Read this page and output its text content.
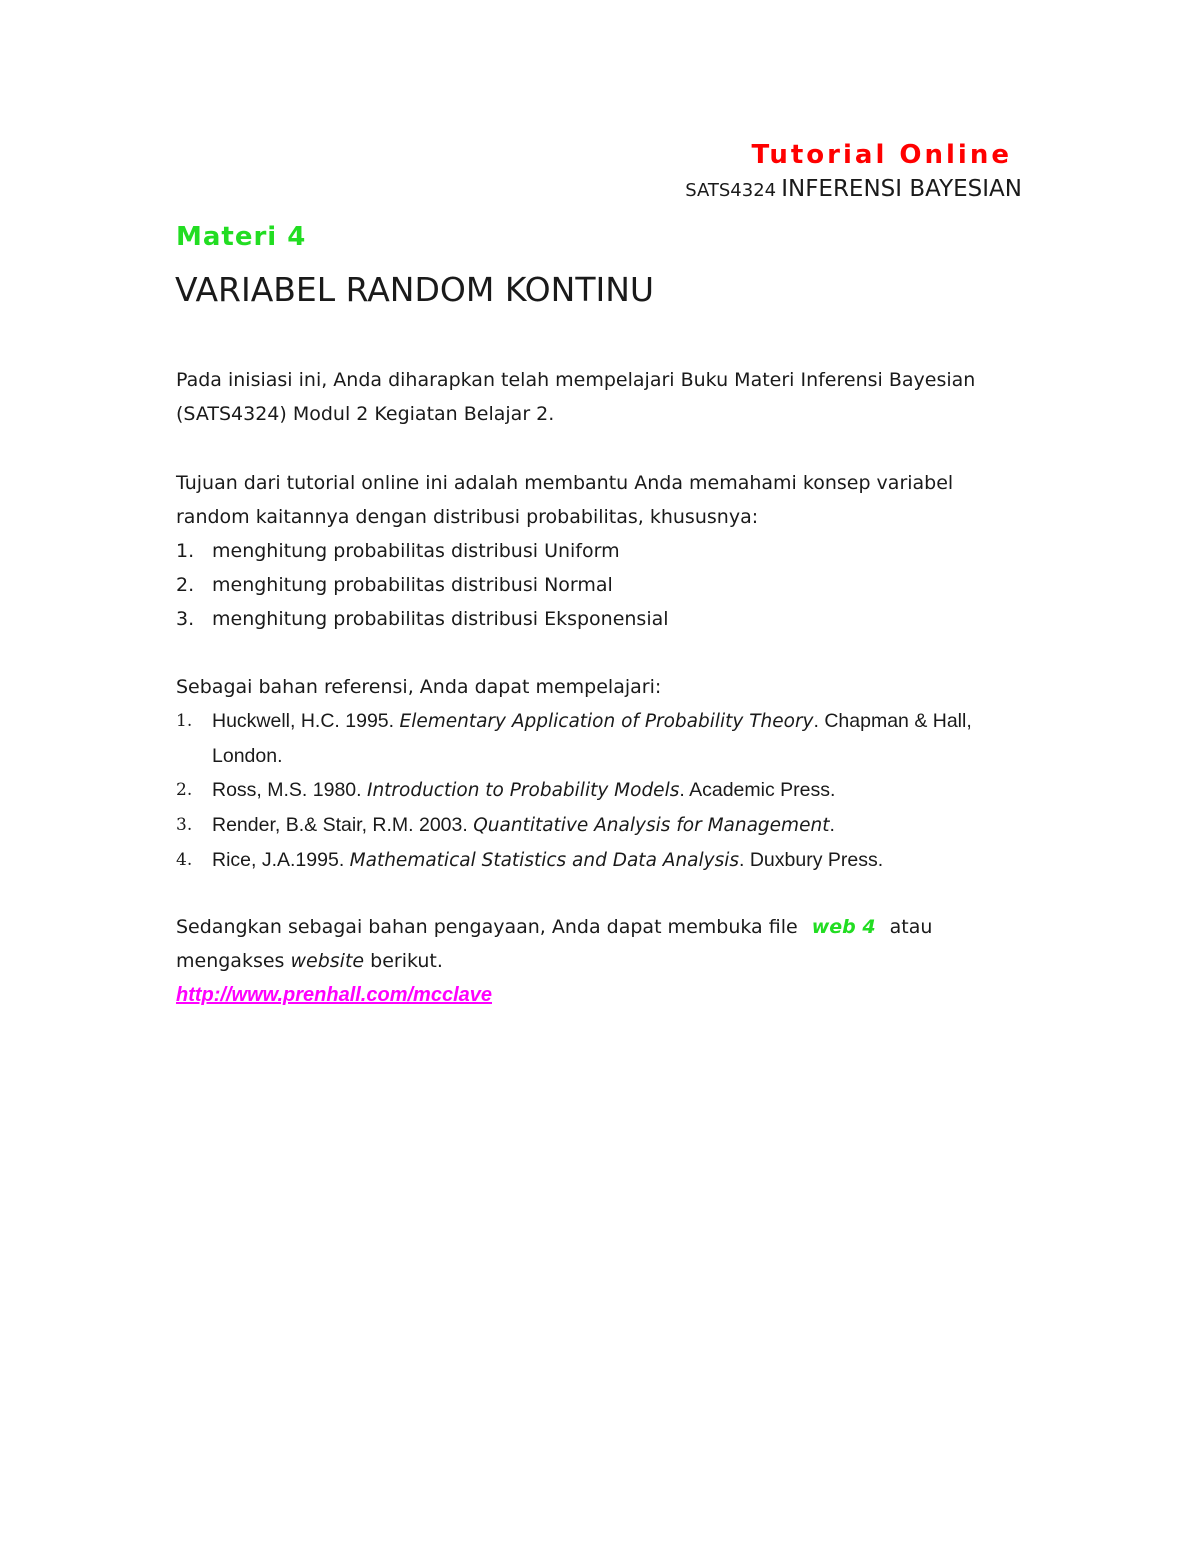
Tutorial Online
SATS4324 INFERENSI BAYESIAN
Materi 4
VARIABEL RANDOM KONTINU
Pada inisiasi ini, Anda diharapkan telah mempelajari Buku Materi Inferensi Bayesian
(SATS4324) Modul 2 Kegiatan Belajar 2.
Tujuan dari tutorial online ini adalah membantu Anda memahami konsep variabel
random kaitannya dengan distribusi probabilitas, khususnya:
1. menghitung probabilitas distribusi Uniform
2. menghitung probabilitas distribusi Normal
3. menghitung probabilitas distribusi Eksponensial
Sebagai bahan referensi, Anda dapat mempelajari:
1.	Huckwell, H.C. 1995. Elementary Application of Probability Theory. Chapman & Hall, London.
2.	Ross, M.S. 1980. Introduction to Probability Models. Academic Press.
3.	Render, B.& Stair, R.M. 2003. Quantitative Analysis for Management.
4.	Rice, J.A.1995. Mathematical Statistics and Data Analysis. Duxbury Press.
Sedangkan sebagai bahan pengayaan, Anda dapat membuka file web 4 atau
mengakses website berikut.
http://www.prenhall.com/mcclave
